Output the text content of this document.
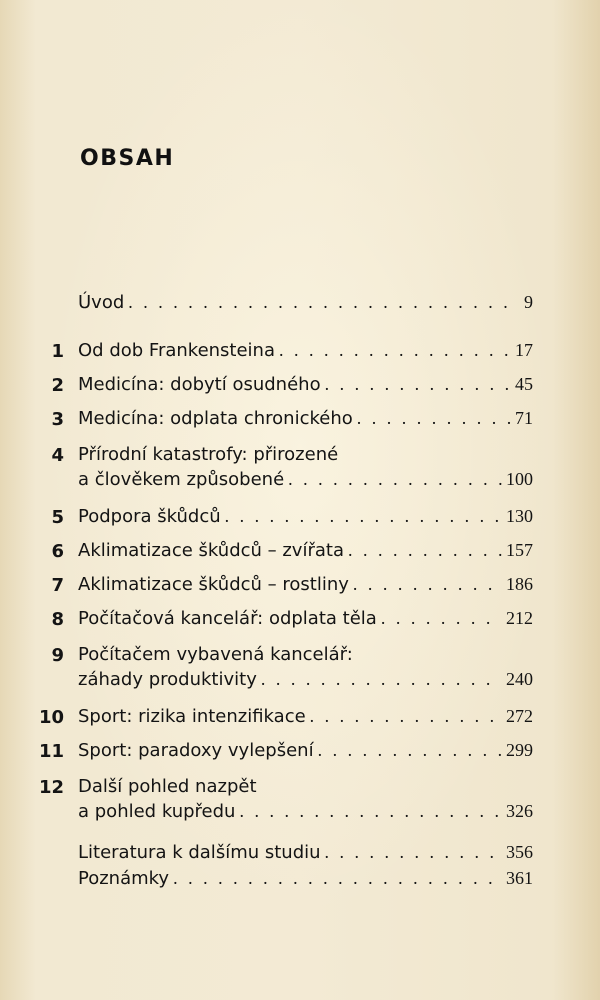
OBSAH
Úvod . . .	9
1 Od dob Frankensteina . . .	17
2 Medicína: dobytí osudného . . .	45
3 Medicína: odplata chronického . . .	71
4 Přírodní katastrofy: přirozené
a člověkem způsobené . . .	100
5 Podpora škůdců . . .	130
6 Aklimatizace škůdců – zvířata . . .	157
7 Aklimatizace škůdců – rostliny . . .	186
8 Počítačová kancelář: odplata těla . . .	212
9 Počítačem vybavená kancelář:
záhady produktivity . . .	240
10 Sport: rizika intenzifikace . . .	272
11 Sport: paradoxy vylepšení . . .	299
12 Další pohled nazpět
a pohled kupředu . . .	326
Literatura k dalšímu studiu . . .	356
Poznámky . . .	361
